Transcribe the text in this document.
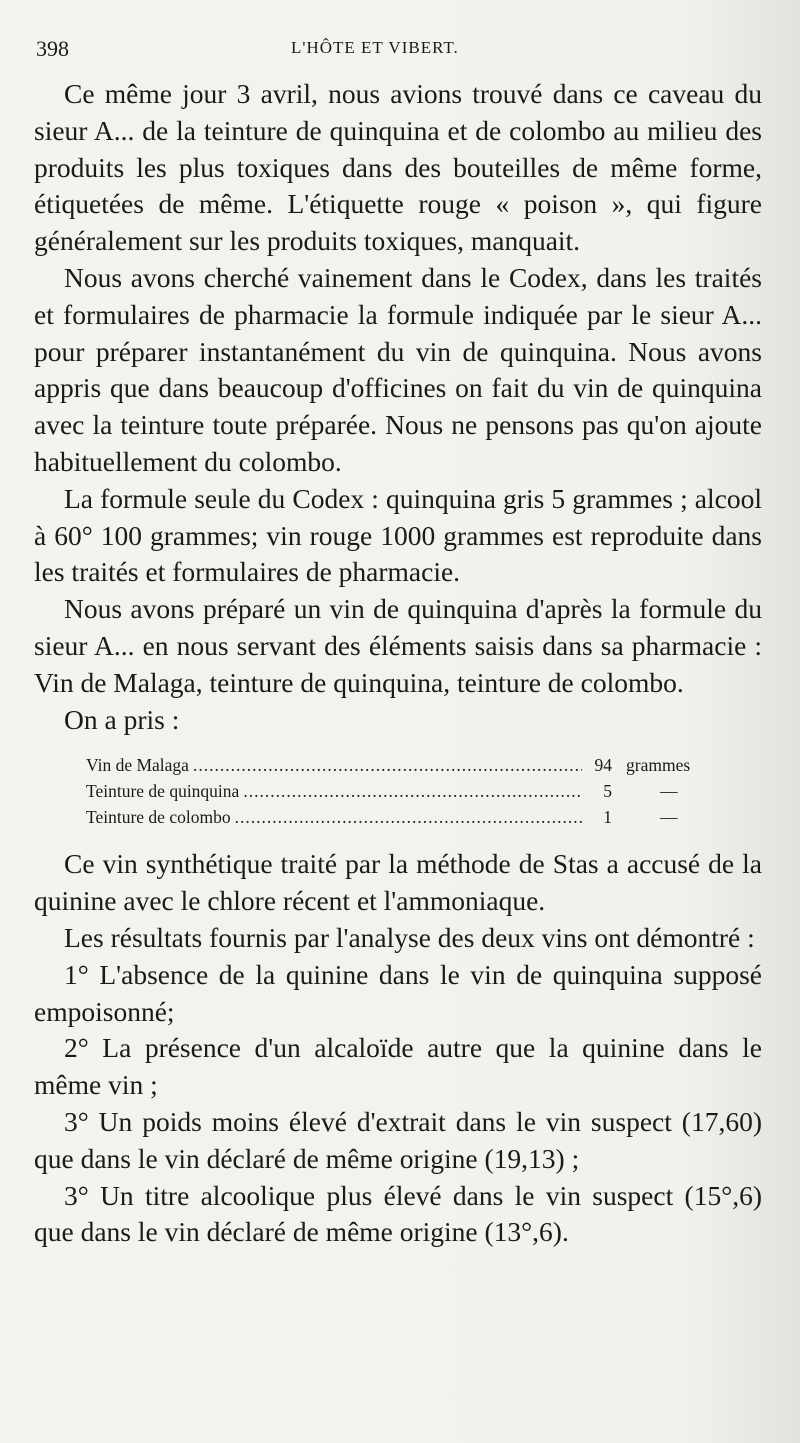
398	L'HÔTE ET VIBERT.

Ce même jour 3 avril, nous avions trouvé dans ce caveau du sieur A... de la teinture de quinquina et de colombo au milieu des produits les plus toxiques dans des bouteilles de même forme, étiquetées de même. L'étiquette rouge « poison », qui figure généralement sur les produits toxiques, manquait.

Nous avons cherché vainement dans le Codex, dans les traités et formulaires de pharmacie la formule indiquée par le sieur A... pour préparer instantanément du vin de quinquina. Nous avons appris que dans beaucoup d'officines on fait du vin de quinquina avec la teinture toute préparée. Nous ne pensons pas qu'on ajoute habituellement du colombo.

La formule seule du Codex : quinquina gris 5 grammes ; alcool à 60° 100 grammes; vin rouge 1000 grammes est reproduite dans les traités et formulaires de pharmacie.

Nous avons préparé un vin de quinquina d'après la formule du sieur A... en nous servant des éléments saisis dans sa pharmacie : Vin de Malaga, teinture de quinquina, teinture de colombo.

On a pris :

Vin de Malaga .....	94 grammes
Teinture de quinquina .....	5	—
Teinture de colombo .....	1	—

Ce vin synthétique traité par la méthode de Stas a accusé de la quinine avec le chlore récent et l'ammoniaque.

Les résultats fournis par l'analyse des deux vins ont démontré :

1° L'absence de la quinine dans le vin de quinquina supposé empoisonné;

2° La présence d'un alcaloïde autre que la quinine dans le même vin ;

3° Un poids moins élevé d'extrait dans le vin suspect (17,60) que dans le vin déclaré de même origine (19,13) ;

3° Un titre alcoolique plus élevé dans le vin suspect (15°,6) que dans le vin déclaré de même origine (13°,6).
